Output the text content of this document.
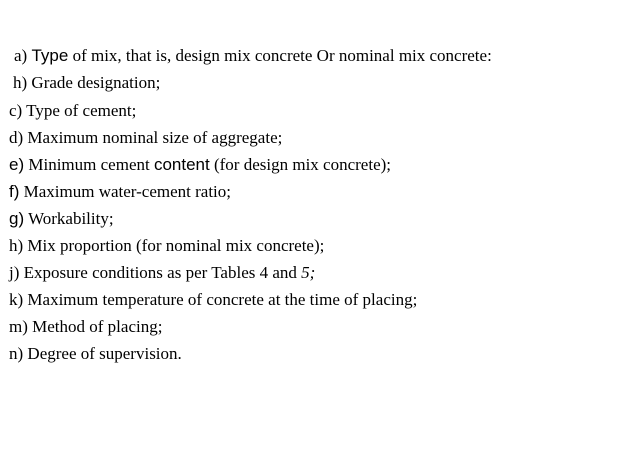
a) Type of mix, that is, design mix concrete Or nominal mix concrete:
h) Grade designation;
c) Type of cement;
d) Maximum nominal size of aggregate;
e) Minimum cement content (for design mix concrete);
f) Maximum water-cement ratio;
g) Workability;
h) Mix proportion (for nominal mix concrete);
j) Exposure conditions as per Tables 4 and 5;
k) Maximum temperature of concrete at the time of placing;
m) Method of placing;
n) Degree of supervision.
